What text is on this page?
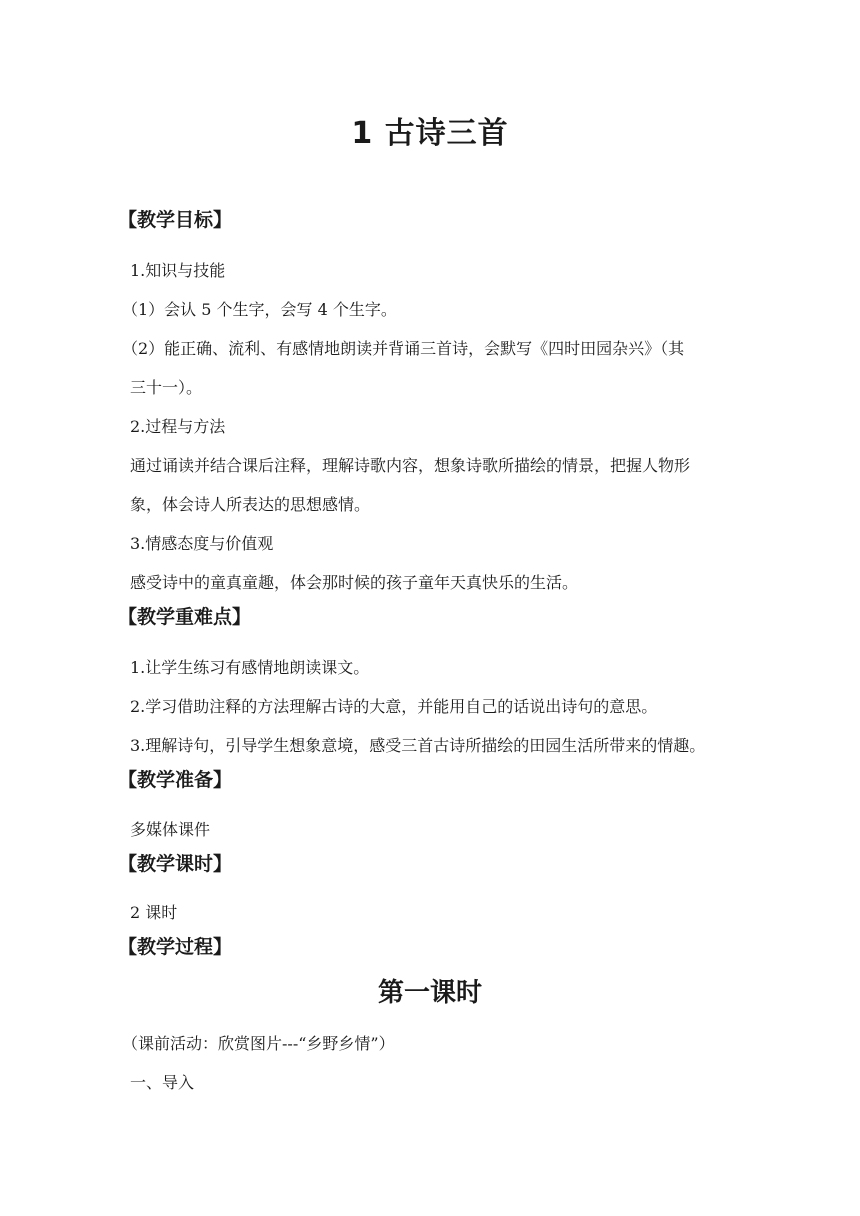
1 古诗三首
【教学目标】

1.知识与技能

（1）会认 5 个生字，会写 4 个生字。

（2）能正确、流利、有感情地朗读并背诵三首诗，会默写《四时田园杂兴》（其

三十一）。

2.过程与方法

通过诵读并结合课后注释，理解诗歌内容，想象诗歌所描绘的情景，把握人物形

象，体会诗人所表达的思想感情。

3.情感态度与价值观

感受诗中的童真童趣，体会那时候的孩子童年天真快乐的生活。

【教学重难点】

1.让学生练习有感情地朗读课文。

2.学习借助注释的方法理解古诗的大意，并能用自己的话说出诗句的意思。

3.理解诗句，引导学生想象意境，感受三首古诗所描绘的田园生活所带来的情趣。

【教学准备】

多媒体课件

【教学课时】

2 课时

【教学过程】
第一课时

（课前活动：欣赏图片---“乡野乡情”）

一、导入
